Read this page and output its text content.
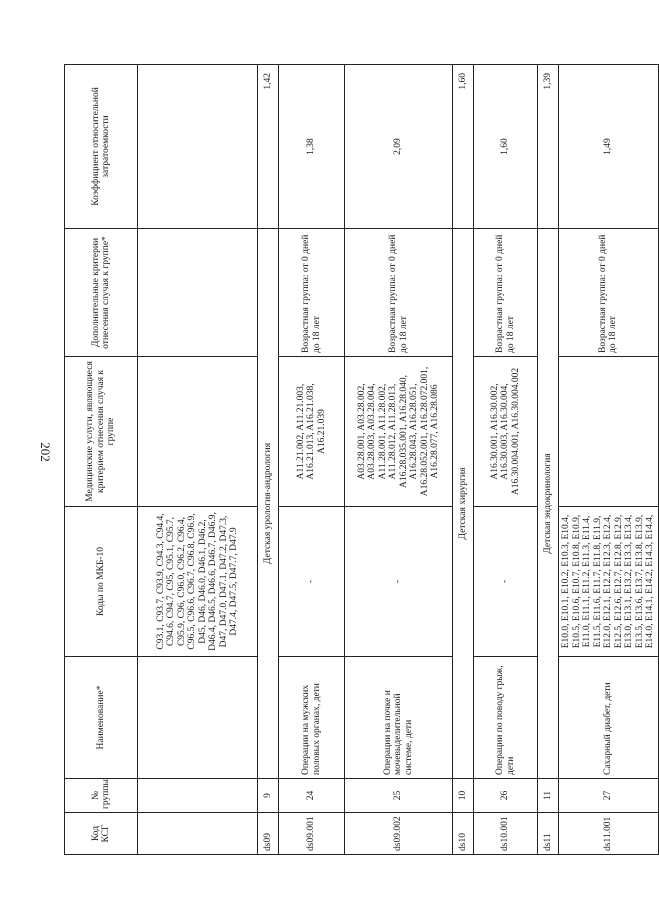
202
Код КСГ	№ группы	Наименование*	Коды по МКБ-10	Медицинские услуги, являющиеся критерием отнесения случая к группе	Дополнительные критерии отнесения случая к группе*	Коэффициент относительной затратоемкости
			C93.1, C93.7, C93.9, C94.3, C94.4, C94.6, C94.7, C95, C95.1, C95.7, C95.9, C96, C96.0, C96.2, C96.4, C96.5, C96.6, C96.7, C96.8, C96.9, D45, D46, D46.0, D46.1, D46.2, D46.4, D46.5, D46.6, D46.7, D46.9, D47, D47.0, D47.1, D47.2, D47.3, D47.4, D47.5, D47.7, D47.9			
ds09	9	Детская урология-андрология				1,42
ds09.001	24	Операции на мужских половых органах, дети	-	A11.21.002, A11.21.003, A16.21.013, A16.21.038, A16.21.039	Возрастная группа: от 0 дней до 18 лет	1,38
ds09.002	25	Операции на почке и мочевыделительной системе, дети	-	A03.28.001, A03.28.002, A03.28.003, A03.28.004, A11.28.001, A11.28.002, A11.28.012, A11.28.013, A16.28.035.001, A16.28.040, A16.28.043, A16.28.051, A16.28.052.001, A16.28.072.001, A16.28.077, A16.28.086	Возрастная группа: от 0 дней до 18 лет	2,09
ds10	10	Детская хирургия				1,60
ds10.001	26	Операции по поводу грыж, дети	-	A16.30.001, A16.30.002, A16.30.003, A16.30.004, A16.30.004.001, A16.30.004.002	Возрастная группа: от 0 дней до 18 лет	1,60
ds11	11	Детская эндокринология				1,39
ds11.001	27	Сахарный диабет, дети	E10.0, E10.1, E10.2, E10.3, E10.4, E10.5, E10.6, E10.7, E10.8, E10.9, E11.0, E11.1, E11.2, E11.3, E11.4, E11.5, E11.6, E11.7, E11.8, E11.9, E12.0, E12.1, E12.2, E12.3, E12.4, E12.5, E12.6, E12.7, E12.8, E12.9, E13.0, E13.1, E13.2, E13.3, E13.4, E13.5, E13.6, E13.7, E13.8, E13.9, E14.0, E14.1, E14.2, E14.3, E14.4,		Возрастная группа: от 0 дней до 18 лет	1,49
